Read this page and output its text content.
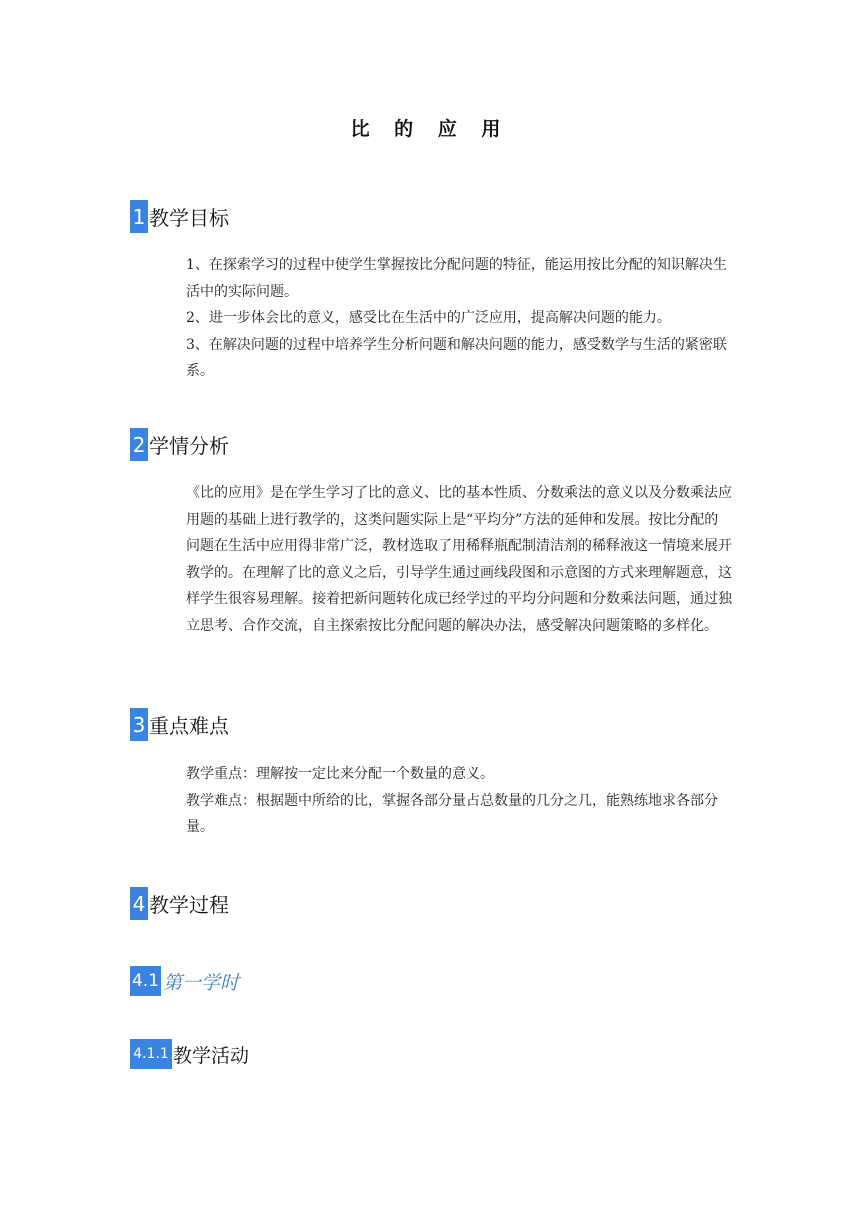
比 的 应 用
1 教学目标

1、在探索学习的过程中使学生掌握按比分配问题的特征，能运用按比分配的知识解决生活中的实际问题。

2、进一步体会比的意义，感受比在生活中的广泛应用，提高解决问题的能力。

3、在解决问题的过程中培养学生分析问题和解决问题的能力，感受数学与生活的紧密联系。

2 学情分析

《比的应用》是在学生学习了比的意义、比的基本性质、分数乘法的意义以及分数乘法应用题的基础上进行教学的，这类问题实际上是“平均分”方法的延伸和发展。按比分配的问题在生活中应用得非常广泛，教材选取了用稀释瓶配制清洁剂的稀释液这一情境来展开教学的。在理解了比的意义之后，引导学生通过画线段图和示意图的方式来理解题意，这样学生很容易理解。接着把新问题转化成已经学过的平均分问题和分数乘法问题，通过独立思考、合作交流，自主探索按比分配问题的解决办法，感受解决问题策略的多样化。

3 重点难点

教学重点：理解按一定比来分配一个数量的意义。

教学难点：根据题中所给的比，掌握各部分量占总数量的几分之几，能熟练地求各部分量。

4 教学过程
4.1 第一学时
4.1.1 教学活动
